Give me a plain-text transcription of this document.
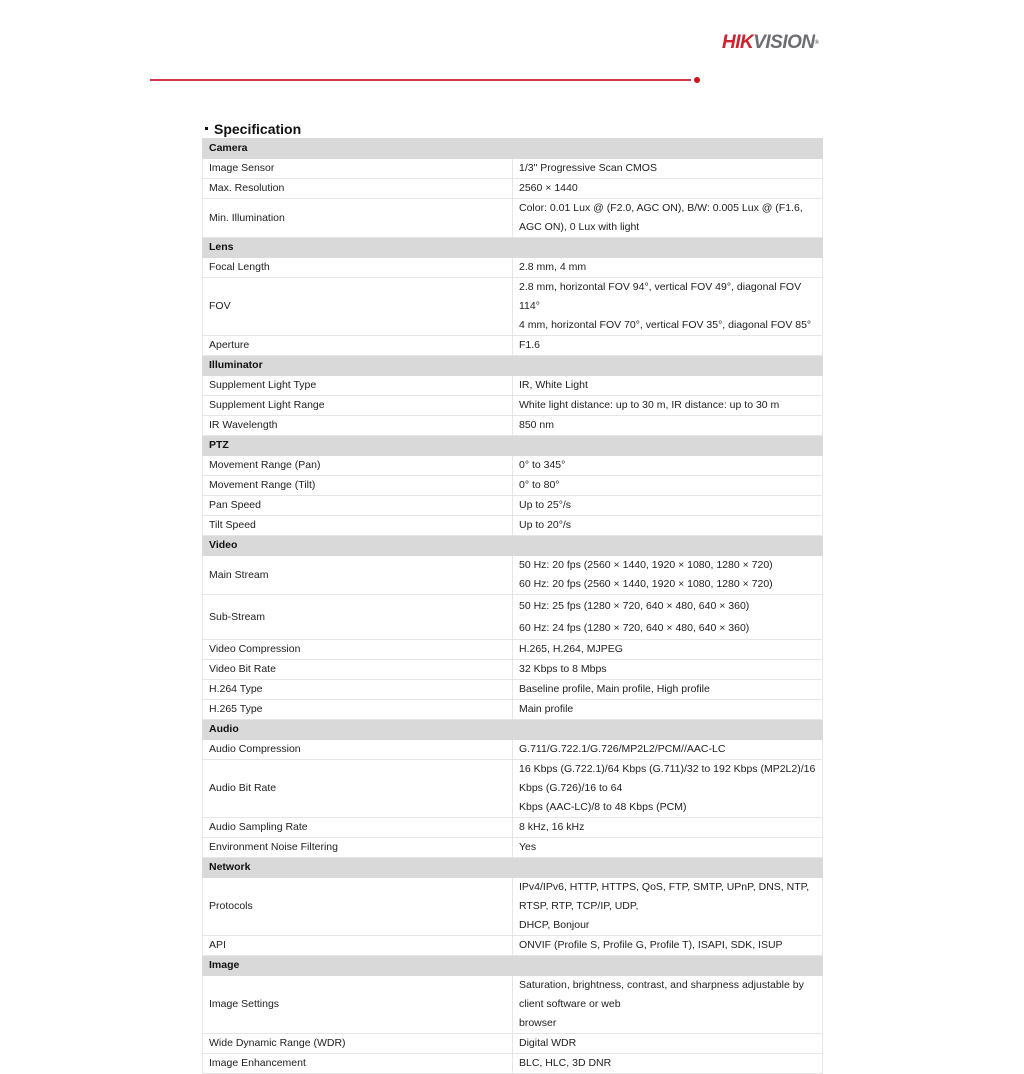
HIKVISION®
Specification
Camera	
Image Sensor	1/3" Progressive Scan CMOS

Max. Resolution	2560 × 1440

Min. Illumination	Color: 0.01 Lux @ (F2.0, AGC ON), B/W: 0.005 Lux @ (F1.6, AGC ON), 0 Lux with light

Lens	
Focal Length	2.8 mm, 4 mm

FOV	2.8 mm, horizontal FOV 94°, vertical FOV 49°, diagonal FOV 114°
4 mm, horizontal FOV 70°, vertical FOV 35°, diagonal FOV 85°

Aperture	F1.6

Illuminator	
Supplement Light Type	IR, White Light

Supplement Light Range	White light distance: up to 30 m, IR distance: up to 30 m

IR Wavelength	850 nm

PTZ	
Movement Range (Pan)	0° to 345°

Movement Range (Tilt)	0° to 80°

Pan Speed	Up to 25°/s

Tilt Speed	Up to 20°/s

Video	
Main Stream	50 Hz: 20 fps (2560 × 1440, 1920 × 1080, 1280 × 720)
60 Hz: 20 fps (2560 × 1440, 1920 × 1080, 1280 × 720)

Sub-Stream	50 Hz: 25 fps (1280 × 720, 640 × 480, 640 × 360)
60 Hz: 24 fps (1280 × 720, 640 × 480, 640 × 360)

Video Compression	H.265, H.264, MJPEG

Video Bit Rate	32 Kbps to 8 Mbps

H.264 Type	Baseline profile, Main profile, High profile

H.265 Type	Main profile

Audio	
Audio Compression	G.711/G.722.1/G.726/MP2L2/PCM//AAC-LC

Audio Bit Rate	16 Kbps (G.722.1)/64 Kbps (G.711)/32 to 192 Kbps (MP2L2)/16 Kbps (G.726)/16 to 64
Kbps (AAC-LC)/8 to 48 Kbps (PCM)

Audio Sampling Rate	8 kHz, 16 kHz

Environment Noise Filtering	Yes

Network	
Protocols	IPv4/IPv6, HTTP, HTTPS, QoS, FTP, SMTP, UPnP, DNS, NTP, RTSP, RTP, TCP/IP, UDP,
DHCP, Bonjour

API	ONVIF (Profile S, Profile G, Profile T), ISAPI, SDK, ISUP

Image	
Image Settings	Saturation, brightness, contrast, and sharpness adjustable by client software or web
browser

Wide Dynamic Range (WDR)	Digital WDR

Image Enhancement	BLC, HLC, 3D DNR
